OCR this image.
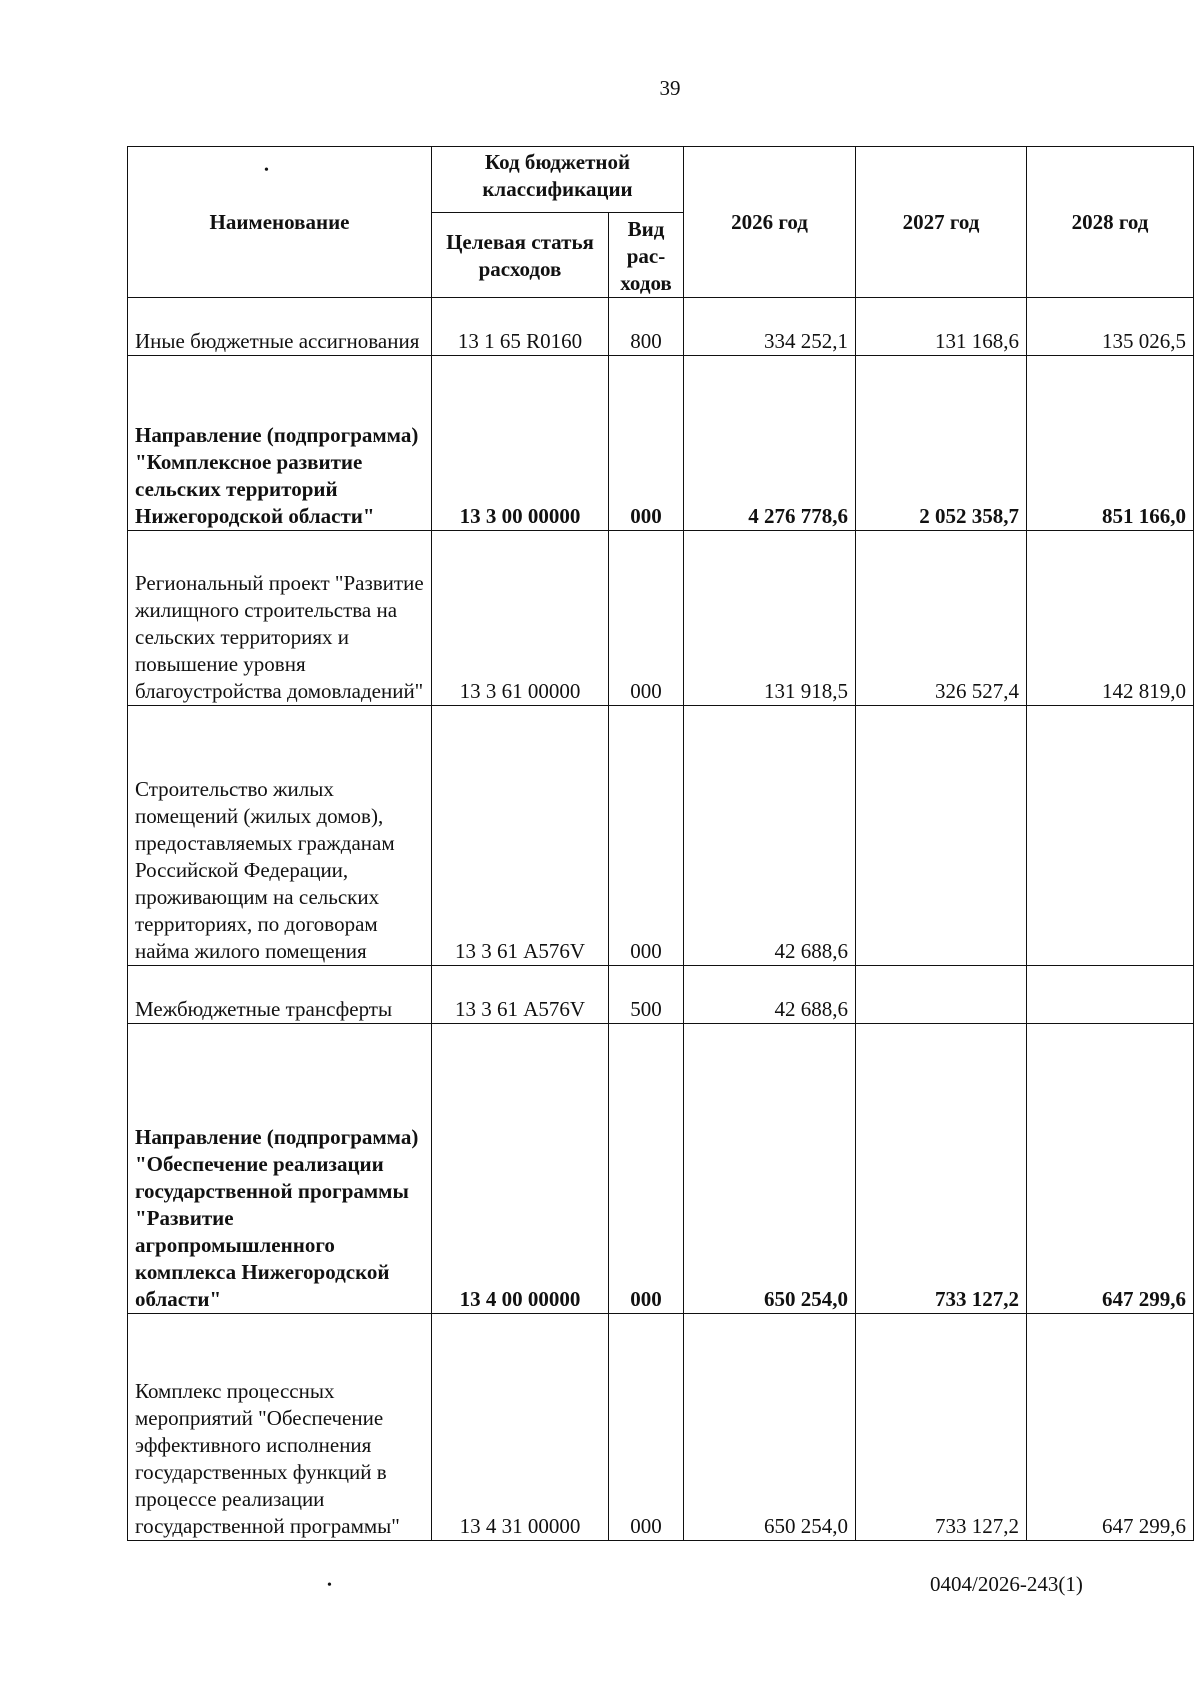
39
•
Наименование	Код бюджетной классификации		2026 год	2027 год	2028 год
	Целевая статья расходов	Вид рас- ходов			
Иные бюджетные ассигнования	13 1 65 R0160	800	334 252,1	131 168,6	135 026,5
Направление (подпрограмма) "Комплексное развитие сельских территорий Нижегородской области"	13 3 00 00000	000	4 276 778,6	2 052 358,7	851 166,0
Региональный проект "Развитие жилищного строительства на сельских территориях и повышение уровня благоустройства домовладений"	13 3 61 00000	000	131 918,5	326 527,4	142 819,0
Строительство жилых помещений (жилых домов), предоставляемых гражданам Российской Федерации, проживающим на сельских территориях, по договорам найма жилого помещения	13 3 61 А576V	000	42 688,6		
Межбюджетные трансферты	13 3 61 А576V	500	42 688,6		
Направление (подпрограмма) "Обеспечение реализации государственной программы "Развитие агропромышленного комплекса Нижегородской области"	13 4 00 00000	000	650 254,0	733 127,2	647 299,6
Комплекс процессных мероприятий "Обеспечение эффективного исполнения государственных функций в процессе реализации государственной программы"	13 4 31 00000	000	650 254,0	733 127,2	647 299,6
•	0404/2026-243(1)
